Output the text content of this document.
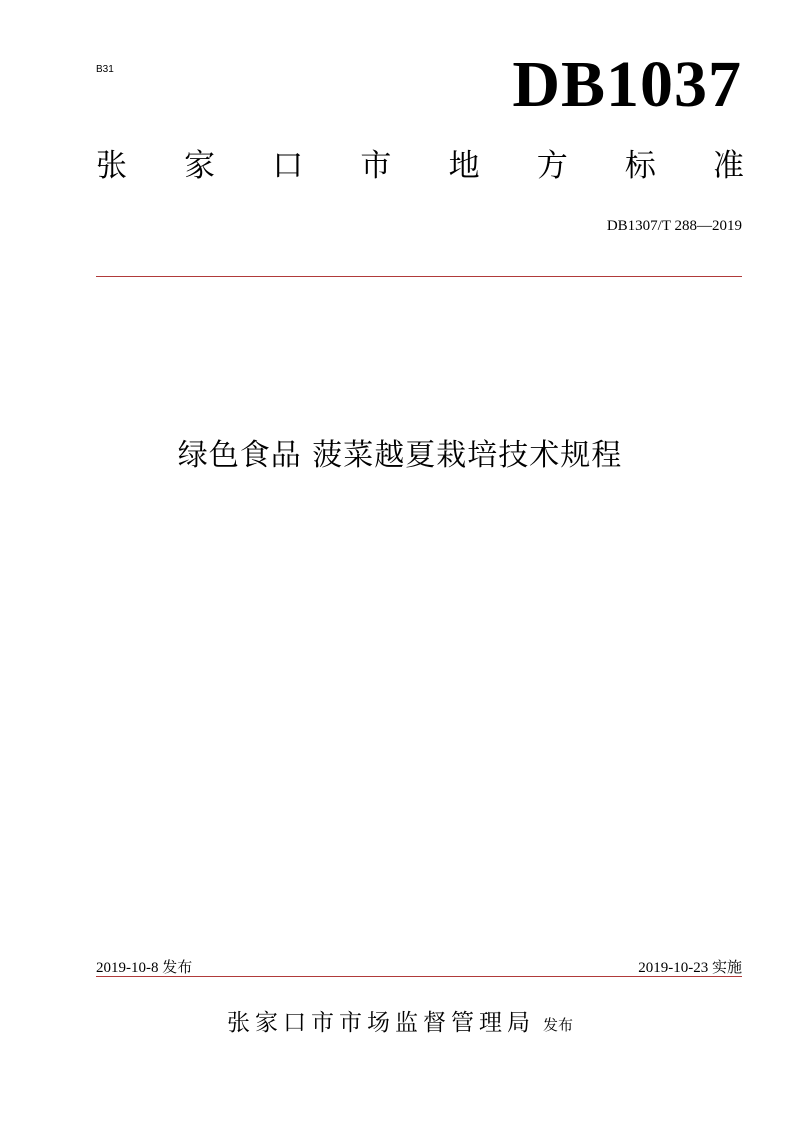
B31	DB1037
张 家 口 市 地 方 标 准
DB1307/T 288—2019
绿色食品 菠菜越夏栽培技术规程
2019-10-8 发布	2019-10-23 实施
张家口市市场监督管理局 发布
